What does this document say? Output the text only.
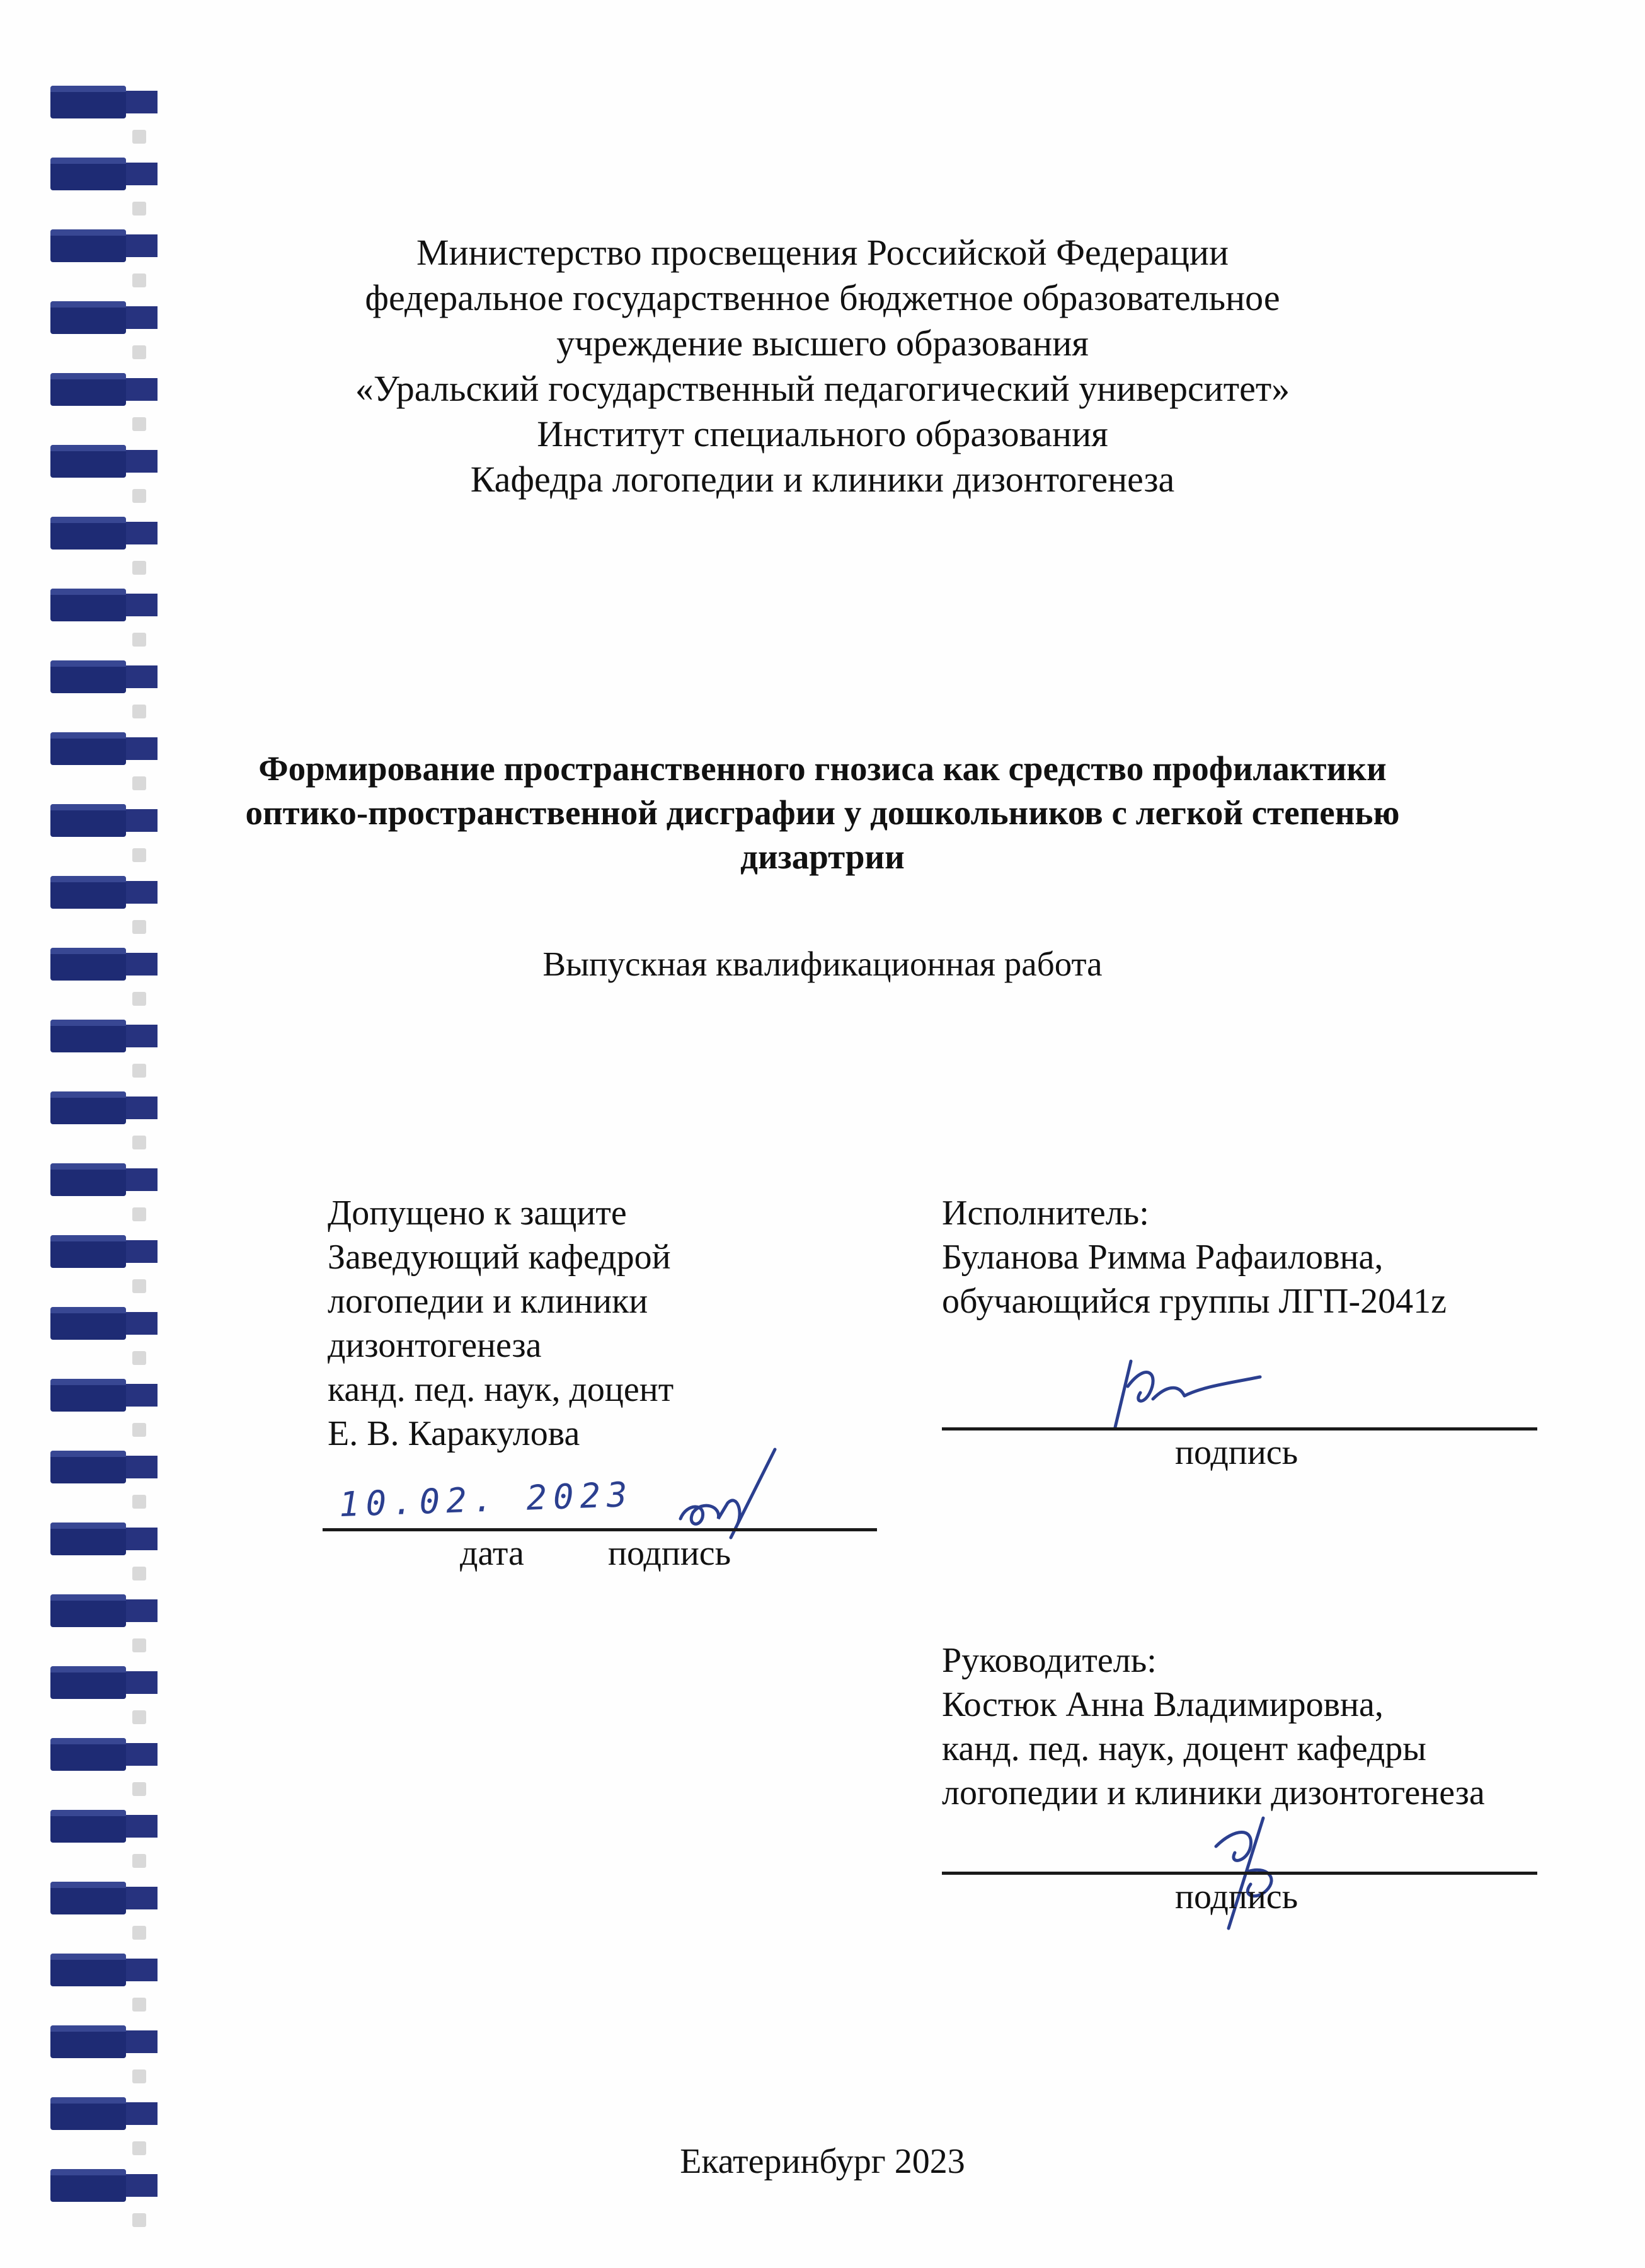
Министерство просвещения Российской Федерации
федеральное государственное бюджетное образовательное
учреждение высшего образования
«Уральский государственный педагогический университет»
Институт специального образования
Кафедра логопедии и клиники дизонтогенеза
Формирование пространственного гнозиса как средство профилактики
оптико-пространственной дисграфии у дошкольников с легкой степенью
дизартрии
Выпускная квалификационная работа
Допущено к защите
Заведующий кафедрой
логопедии и клиники
дизонтогенеза
канд. пед. наук, доцент
Е. В. Каракулова
10.02. 2023
дата подпись
Исполнитель:
Буланова Римма Рафаиловна,
обучающийся группы ЛГП-2041z
подпись
Руководитель:
Костюк Анна Владимировна,
канд. пед. наук, доцент кафедры
логопедии и клиники дизонтогенеза
подпись
Екатеринбург 2023
